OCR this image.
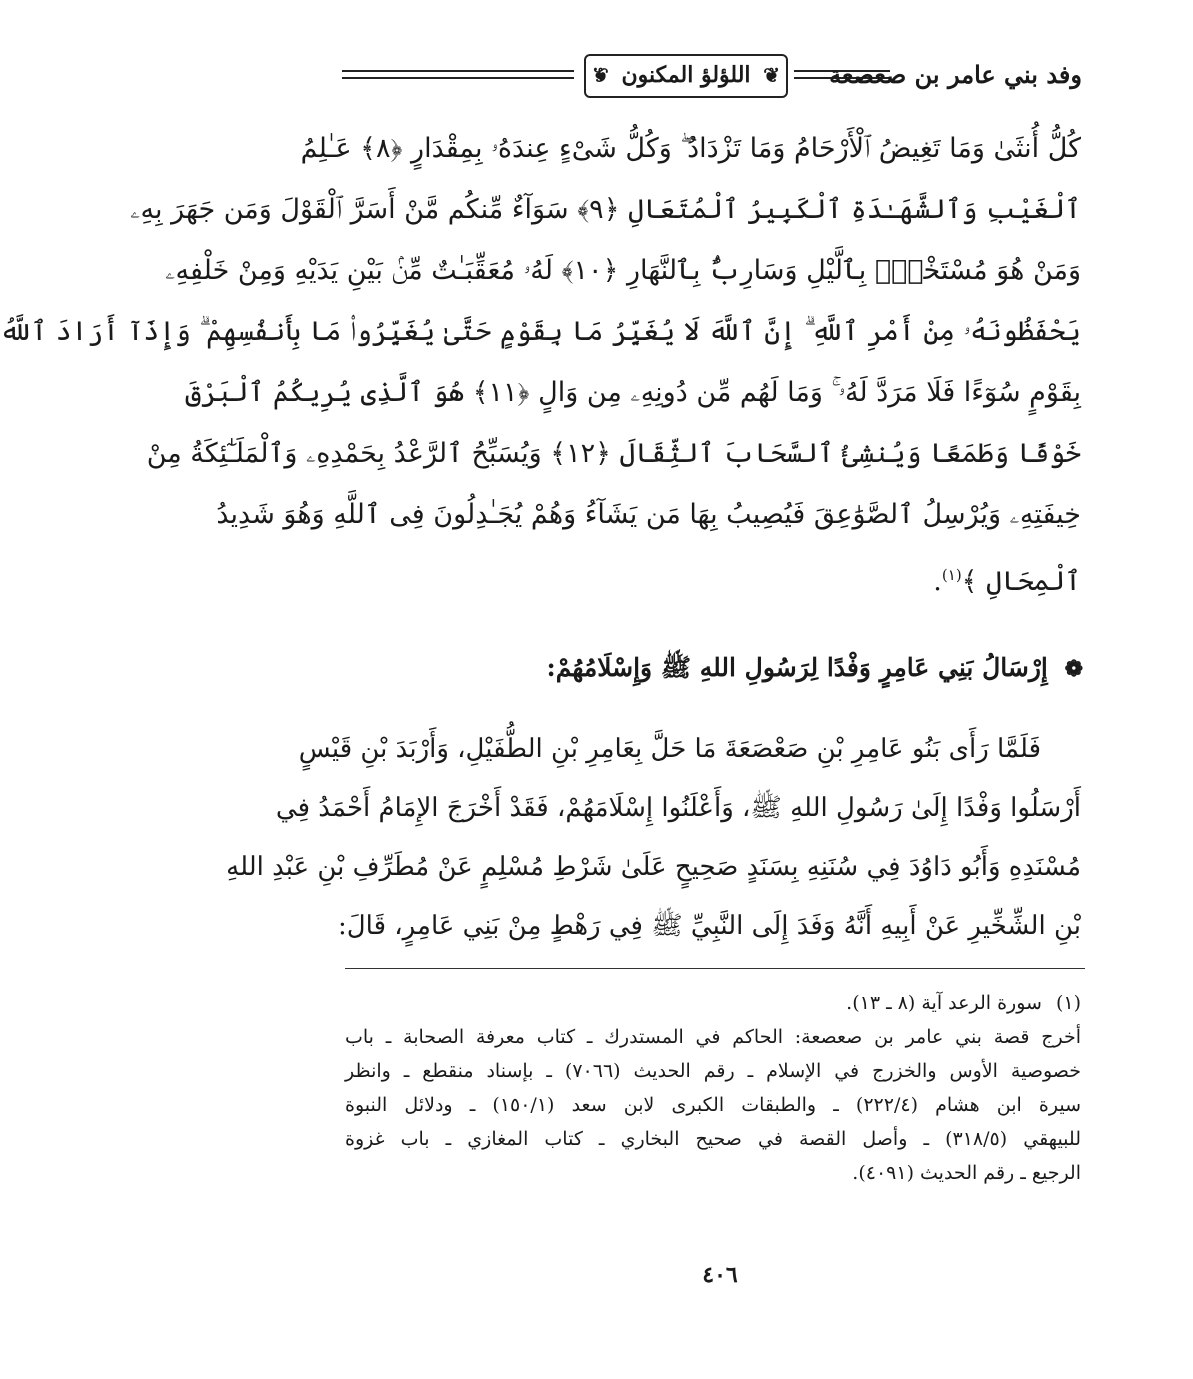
❦ اللؤلؤ المكنون ❦	وفد بني عامر بن صعصعة
كُلُّ أُنثَىٰ وَمَا تَغِيضُ ٱلْأَرْحَامُ وَمَا تَزْدَادُ ۖ وَكُلُّ شَىْءٍ عِندَهُۥ بِمِقْدَارٍ ﴿٨﴾ عَـٰلِمُ
ٱلْغَيْبِ وَٱلشَّهَـٰدَةِ ٱلْكَبِيرُ ٱلْمُتَعَالِ ﴿٩﴾ سَوَآءٌ مِّنكُم مَّنْ أَسَرَّ ٱلْقَوْلَ وَمَن جَهَرَ بِهِۦ
وَمَنْ هُوَ مُسْتَخْفٍۭ بِٱلَّيْلِ وَسَارِبٌۢ بِٱلنَّهَارِ ﴿١٠﴾ لَهُۥ مُعَقِّبَـٰتٌ مِّنۢ بَيْنِ يَدَيْهِ وَمِنْ خَلْفِهِۦ
يَحْفَظُونَهُۥ مِنْ أَمْرِ ٱللَّهِ ۗ إِنَّ ٱللَّهَ لَا يُغَيِّرُ مَا بِقَوْمٍ حَتَّىٰ يُغَيِّرُوا۟ مَا بِأَنفُسِهِمْ ۗ وَإِذَآ أَرَادَ ٱللَّهُ
بِقَوْمٍ سُوٓءًا فَلَا مَرَدَّ لَهُۥ ۚ وَمَا لَهُم مِّن دُونِهِۦ مِن وَالٍ ﴿١١﴾ هُوَ ٱلَّذِى يُرِيكُمُ ٱلْبَرْقَ
خَوْفًا وَطَمَعًا وَيُنشِئُ ٱلسَّحَابَ ٱلثِّقَالَ ﴿١٢﴾ وَيُسَبِّحُ ٱلرَّعْدُ بِحَمْدِهِۦ وَٱلْمَلَـٰٓئِكَةُ مِنْ
خِيفَتِهِۦ وَيُرْسِلُ ٱلصَّوَٰعِقَ فَيُصِيبُ بِهَا مَن يَشَآءُ وَهُمْ يُجَـٰدِلُونَ فِى ٱللَّهِ وَهُوَ شَدِيدُ
ٱلْمِحَالِ ﴾$^{(١)}$.
❁ إِرْسَالُ بَنِي عَامِرٍ وَفْدًا لِرَسُولِ اللهِ ﷺ وَإِسْلَامُهُمْ:
فَلَمَّا رَأَى بَنُو عَامِرِ بْنِ صَعْصَعَةَ مَا حَلَّ بِعَامِرِ بْنِ الطُّفَيْلِ، وَأَرْبَدَ بْنِ قَيْسٍ
أَرْسَلُوا وَفْدًا إِلَىٰ رَسُولِ اللهِ ﷺ، وَأَعْلَنُوا إِسْلَامَهُمْ، فَقَدْ أَخْرَجَ الإِمَامُ أَحْمَدُ فِي
مُسْنَدِهِ وَأَبُو دَاوُدَ فِي سُنَنِهِ بِسَنَدٍ صَحِيحٍ عَلَىٰ شَرْطِ مُسْلِمٍ عَنْ مُطَرِّفِ بْنِ عَبْدِ اللهِ
بْنِ الشِّخِّيرِ عَنْ أَبِيهِ أَنَّهُ وَفَدَ إِلَى النَّبِيِّ ﷺ فِي رَهْطٍ مِنْ بَنِي عَامِرٍ، قَالَ:
(١)سورة الرعد آية (٨ ـ ١٣).
أخرج قصة بني عامر بن صعصعة: الحاكم في المستدرك ـ كتاب معرفة الصحابة ـ باب
خصوصية الأوس والخزرج في الإسلام ـ رقم الحديث (٧٠٦٦) ـ بإسناد منقطع ـ وانظر
سيرة ابن هشام (٢٢٢/٤) ـ والطبقات الكبرى لابن سعد (١٥٠/١) ـ ودلائل النبوة
للبيهقي (٣١٨/٥) ـ وأصل القصة في صحيح البخاري ـ كتاب المغازي ـ باب غزوة
الرجيع ـ رقم الحديث (٤٠٩١).
٤٠٦
